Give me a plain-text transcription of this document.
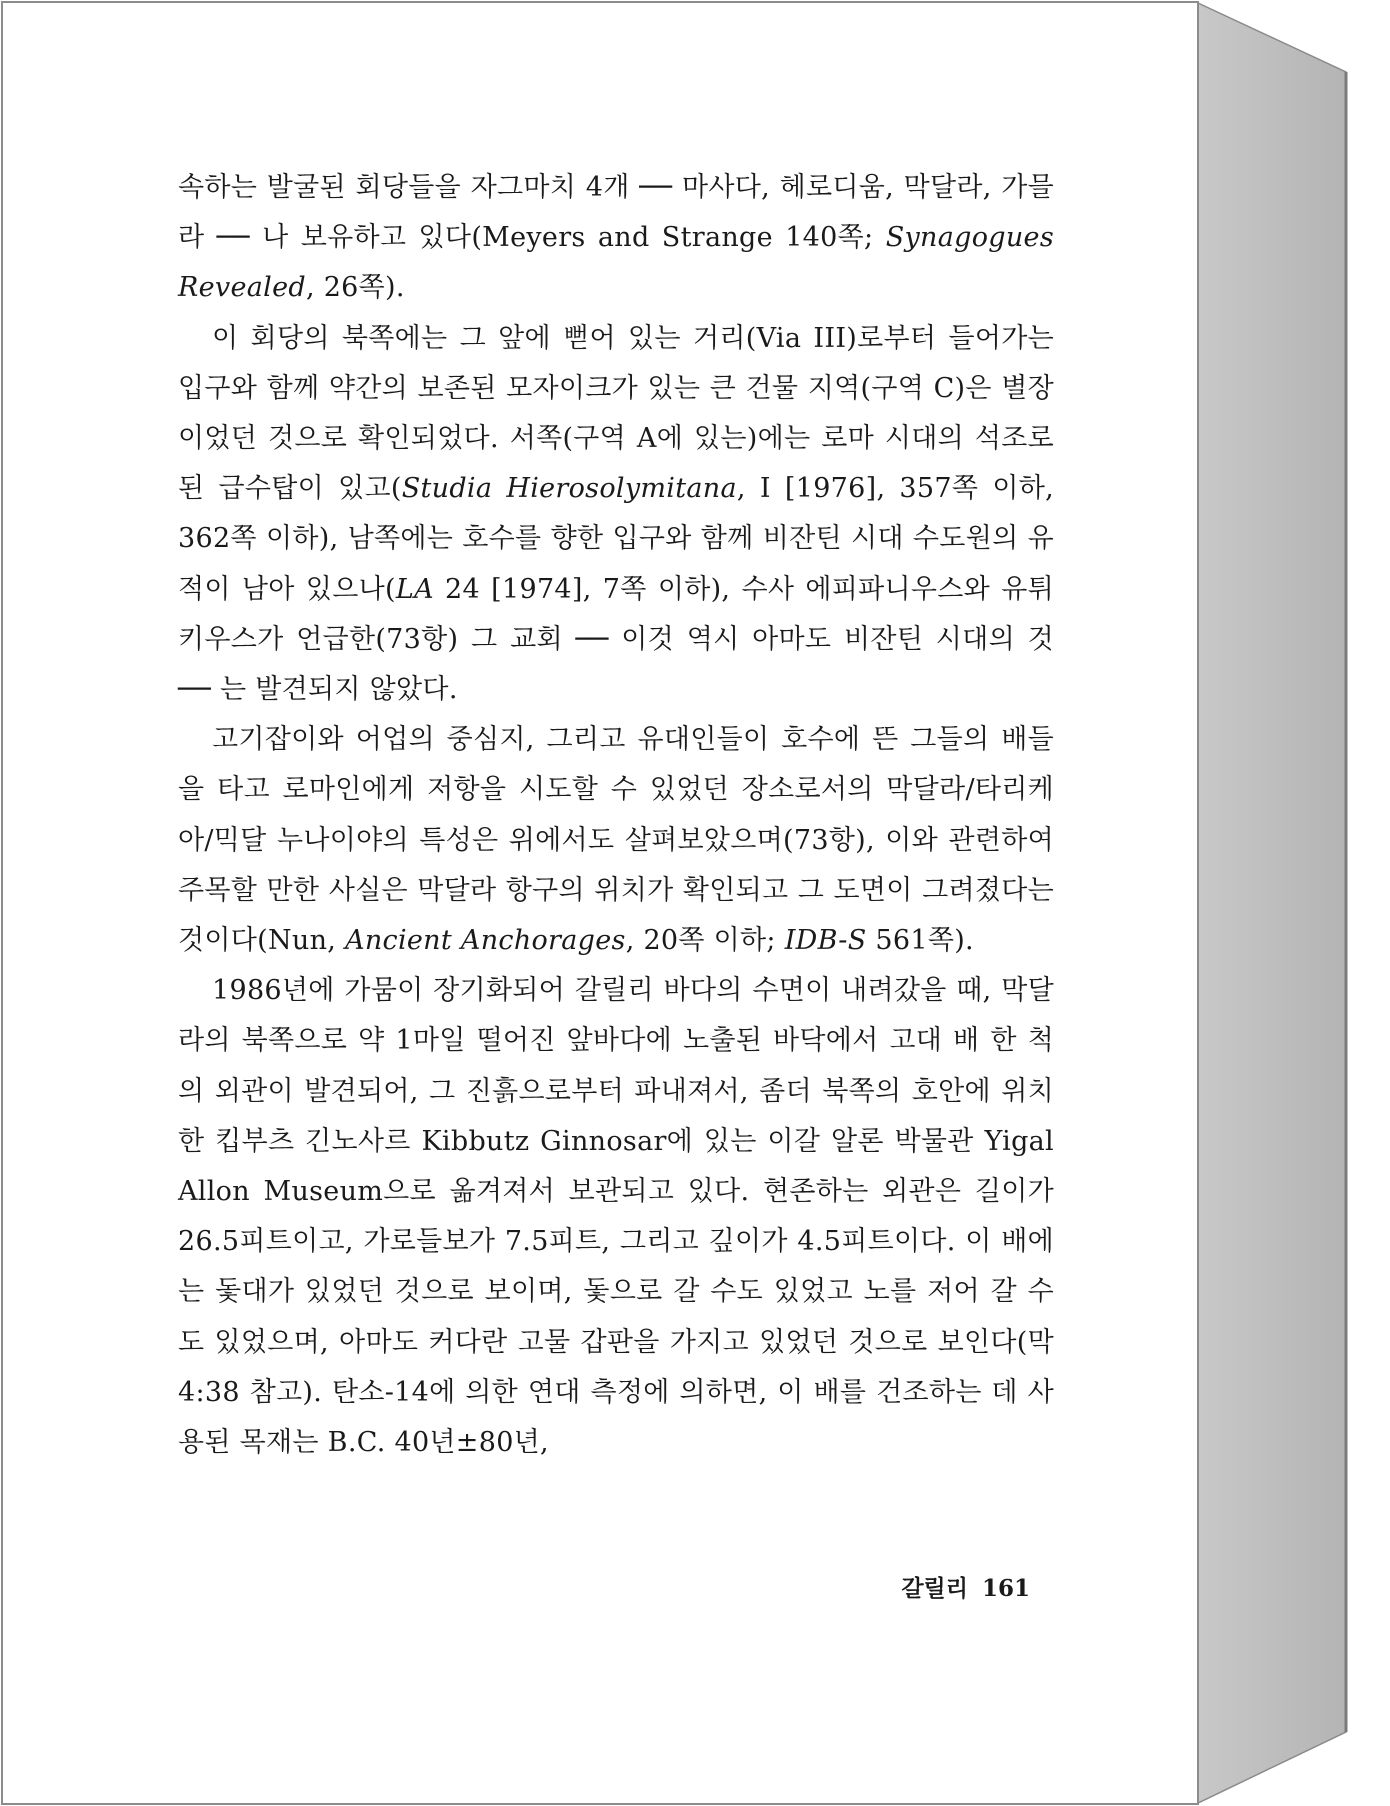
속하는 발굴된 회당들을 자그마치 4개 ── 마사다, 헤로디움, 막달라, 가믈라 ── 나 보유하고 있다(Meyers and Strange 140쪽; Synagogues Revealed, 26쪽).

이 회당의 북쪽에는 그 앞에 뻗어 있는 거리(Via III)로부터 들어가는 입구와 함께 약간의 보존된 모자이크가 있는 큰 건물 지역(구역 C)은 별장이었던 것으로 확인되었다. 서쪽(구역 A에 있는)에는 로마 시대의 석조로 된 급수탑이 있고(Studia Hierosolymitana, I [1976], 357쪽 이하, 362쪽 이하), 남쪽에는 호수를 향한 입구와 함께 비잔틴 시대 수도원의 유적이 남아 있으나(LA 24 [1974], 7쪽 이하), 수사 에피파니우스와 유튀키우스가 언급한(73항) 그 교회 ── 이것 역시 아마도 비잔틴 시대의 것 ── 는 발견되지 않았다.

고기잡이와 어업의 중심지, 그리고 유대인들이 호수에 뜬 그들의 배들을 타고 로마인에게 저항을 시도할 수 있었던 장소로서의 막달라/타리케아/믹달 누나이야의 특성은 위에서도 살펴보았으며(73항), 이와 관련하여 주목할 만한 사실은 막달라 항구의 위치가 확인되고 그 도면이 그려졌다는 것이다(Nun, Ancient Anchorages, 20쪽 이하; IDB-S 561쪽).

1986년에 가뭄이 장기화되어 갈릴리 바다의 수면이 내려갔을 때, 막달라의 북쪽으로 약 1마일 떨어진 앞바다에 노출된 바닥에서 고대 배 한 척의 외관이 발견되어, 그 진흙으로부터 파내져서, 좀더 북쪽의 호안에 위치한 킵부츠 긴노사르 Kibbutz Ginnosar에 있는 이갈 알론 박물관 Yigal Allon Museum으로 옮겨져서 보관되고 있다. 현존하는 외관은 길이가 26.5피트이고, 가로들보가 7.5피트, 그리고 깊이가 4.5피트이다. 이 배에는 돛대가 있었던 것으로 보이며, 돛으로 갈 수도 있었고 노를 저어 갈 수도 있었으며, 아마도 커다란 고물 갑판을 가지고 있었던 것으로 보인다(막 4:38 참고). 탄소-14에 의한 연대 측정에 의하면, 이 배를 건조하는 데 사용된 목재는 B.C. 40년±80년,

갈릴리 161
